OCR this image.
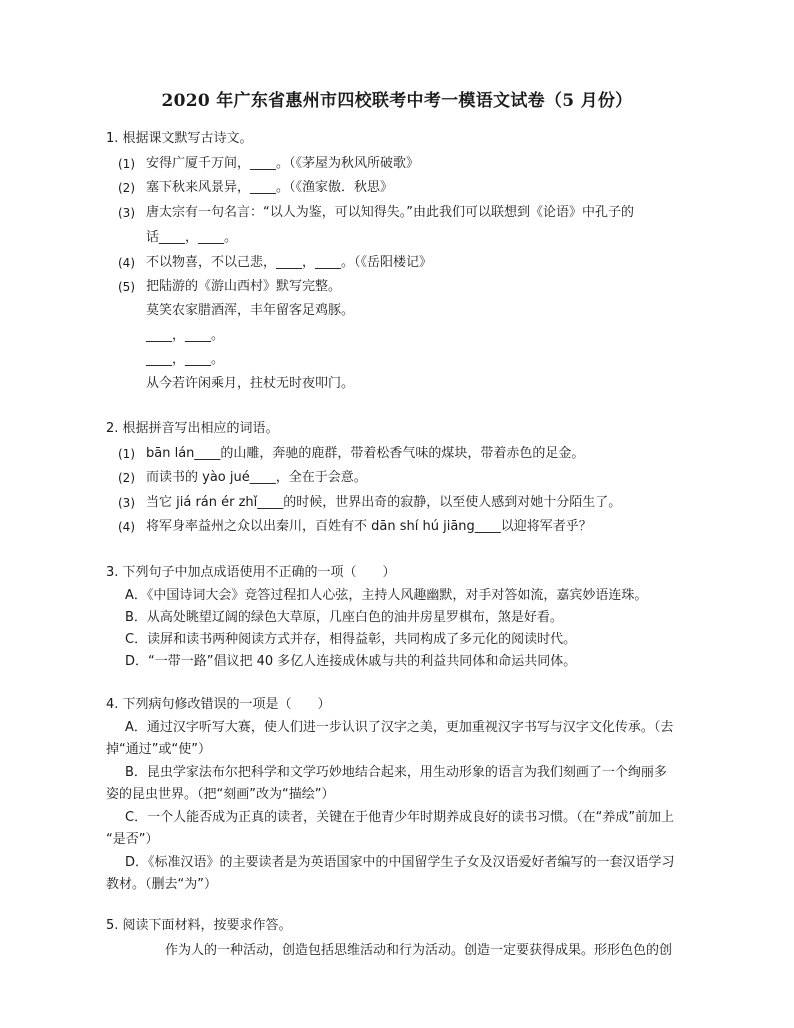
2020 年广东省惠州市四校联考中考一模语文试卷（5 月份）
1. 根据课文默写古诗文。
(1) 安得广厦千万间，____。（《茅屋为秋风所破歌》
(2) 塞下秋来风景异，____。（《渔家傲．秋思》
(3) 唐太宗有一句名言：“以人为鉴，可以知得失。”由此我们可以联想到《论语》中孔子的
话____，____。
(4) 不以物喜，不以己悲，____，____。（《岳阳楼记》
(5) 把陆游的《游山西村》默写完整。
莫笑农家腊酒浑，丰年留客足鸡豚。
____，____。
____，____。
从今若许闲乘月，拄杖无时夜叩门。
2. 根据拼音写出相应的词语。
(1) bān lán____的山雕，奔驰的鹿群，带着松香气味的煤块，带着赤色的足金。
(2) 而读书的 yào jué____，全在于会意。
(3) 当它 jiá rán ér zhǐ____的时候，世界出奇的寂静，以至使人感到对她十分陌生了。
(4) 将军身率益州之众以出秦川，百姓有不 dān shí hú jiāng____以迎将军者乎？
3. 下列句子中加点成语使用不正确的一项（　　）
A．《中国诗词大会》竞答过程扣人心弦，主持人风趣幽默，对手对答如流，嘉宾妙语连珠。
B．从高处眺望辽阔的绿色大草原，几座白色的油井房星罗棋布，煞是好看。
C．读屏和读书两种阅读方式并存，相得益彰，共同构成了多元化的阅读时代。
D．“一带一路”倡议把 40 多亿人连接成休戚与共的利益共同体和命运共同体。
4. 下列病句修改错误的一项是（　　）
A．通过汉字听写大赛，使人们进一步认识了汉字之美，更加重视汉字书写与汉字文化传承。（去
掉“通过”或“使”）
B．昆虫学家法布尔把科学和文学巧妙地结合起来，用生动形象的语言为我们刻画了一个绚丽多
姿的昆虫世界。（把“刻画”改为“描绘”）
C．一个人能否成为正真的读者，关键在于他青少年时期养成良好的读书习惯。（在“养成”前加上
“是否”）
D．《标准汉语》的主要读者是为英语国家中的中国留学生子女及汉语爱好者编写的一套汉语学习
教材。（删去“为”）
5. 阅读下面材料，按要求作答。
作为人的一种活动，创造包括思维活动和行为活动。创造一定要获得成果。形形色色的创
